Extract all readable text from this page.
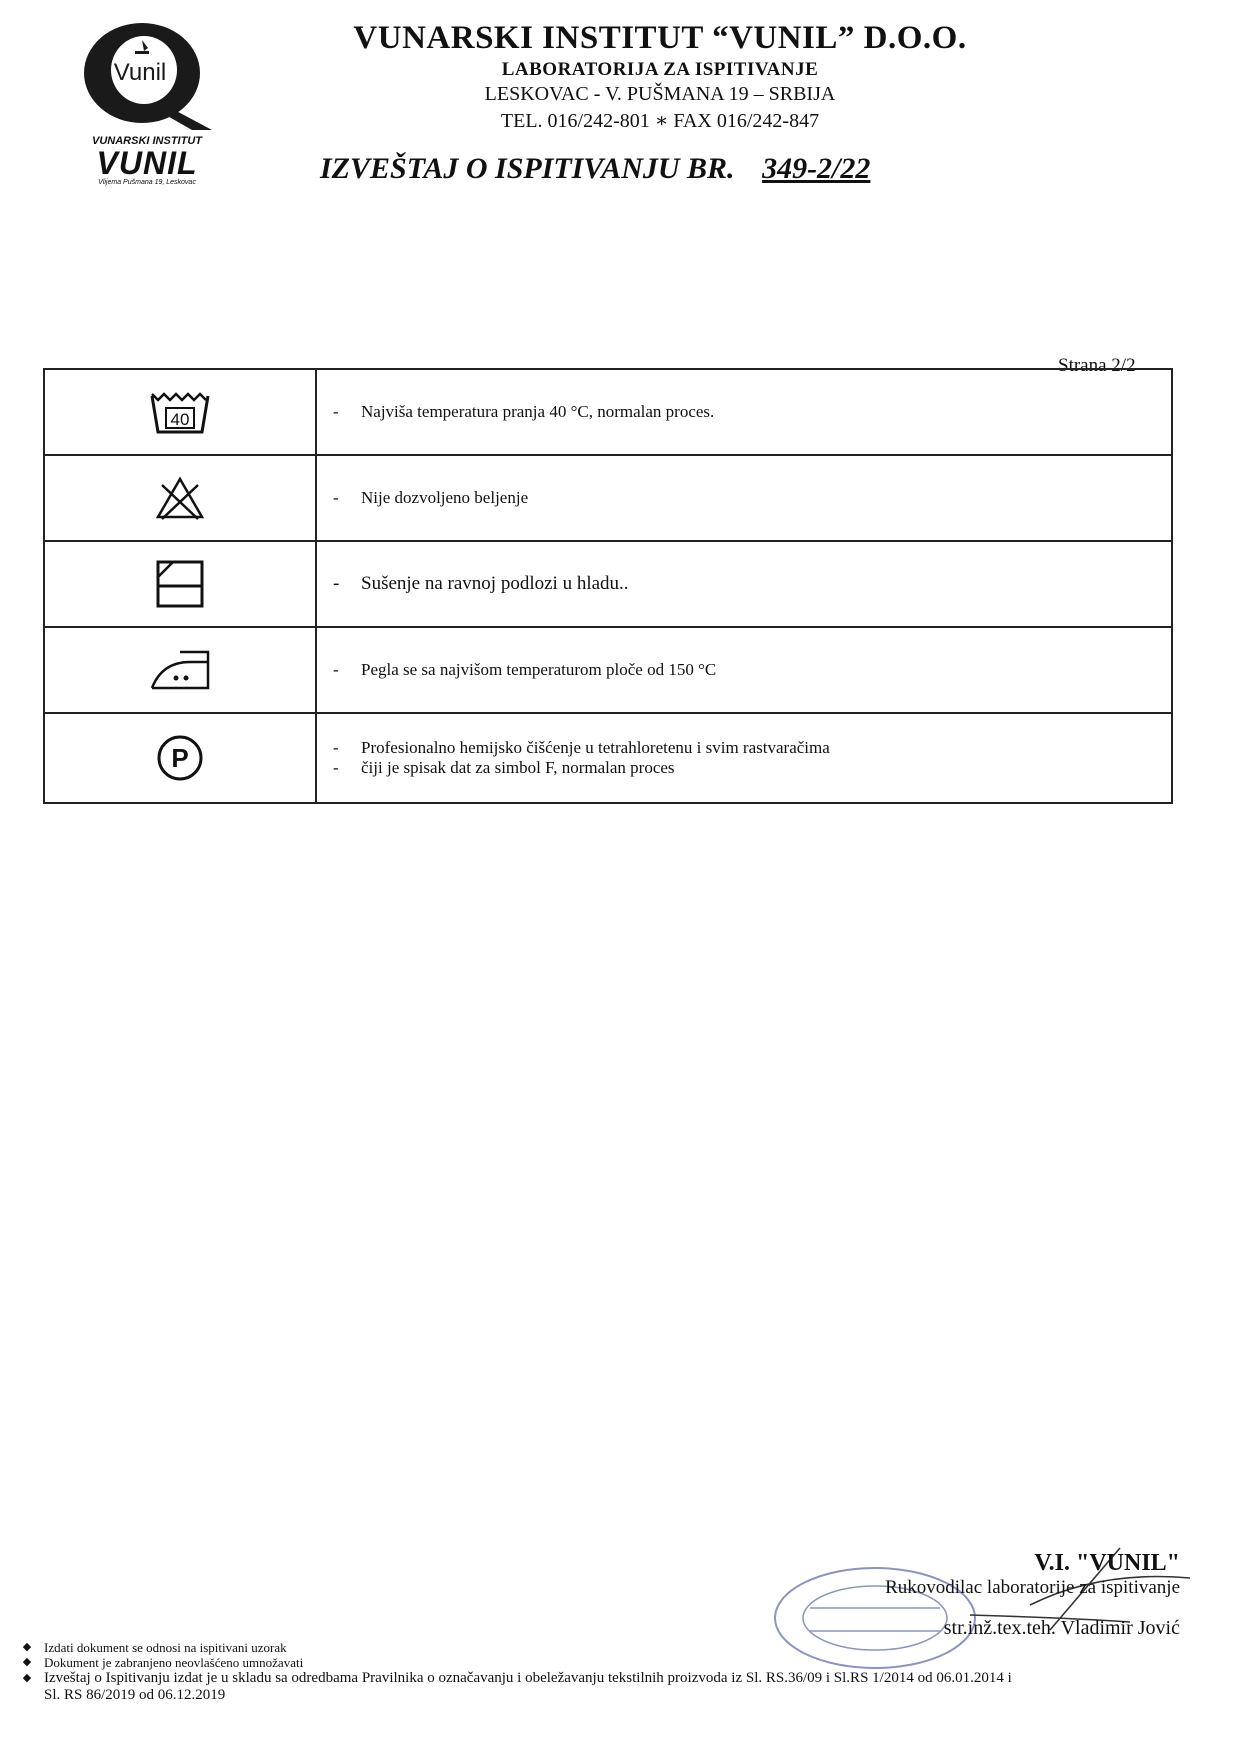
Vunil
VUNARSKI INSTITUT
VUNIL
Vlijema Pušmana 19, Leskovac
VUNARSKI INSTITUT “VUNIL” D.O.O.
LABORATORIJA ZA ISPITIVANJE
LESKOVAC - V. PUŠMANA 19 – SRBIJA
TEL. 016/242-801 ∗ FAX 016/242-847
IZVEŠTAJ O ISPITIVANJU BR. 349-2/22
Strana 2/2
40	-	Najviša temperatura pranja 40 °C, normalan proces.
-	Nije dozvoljeno beljenje
-	Sušenje na ravnoj podlozi u hladu..
-	Pegla se sa najvišom temperaturom ploče od 150 °C
P	-	Profesionalno hemijsko čišćenje u tetrahloretenu i svim rastvaračima
-	čiji je spisak dat za simbol F, normalan proces
V.I. "VUNIL"
Rukovodilac laboratorije za ispitivanje
str.inž.tex.teh. Vladimir Jović
◆ Izdati dokument se odnosi na ispitivani uzorak
◆ Dokument je zabranjeno neovlašćeno umnožavati
◆ Izveštaj o Ispitivanju izdat je u skladu sa odredbama Pravilnika o označavanju i obeležavanju tekstilnih proizvoda iz Sl. RS.36/09 i Sl.RS 1/2014 od 06.01.2014 i
Sl. RS 86/2019 od 06.12.2019
